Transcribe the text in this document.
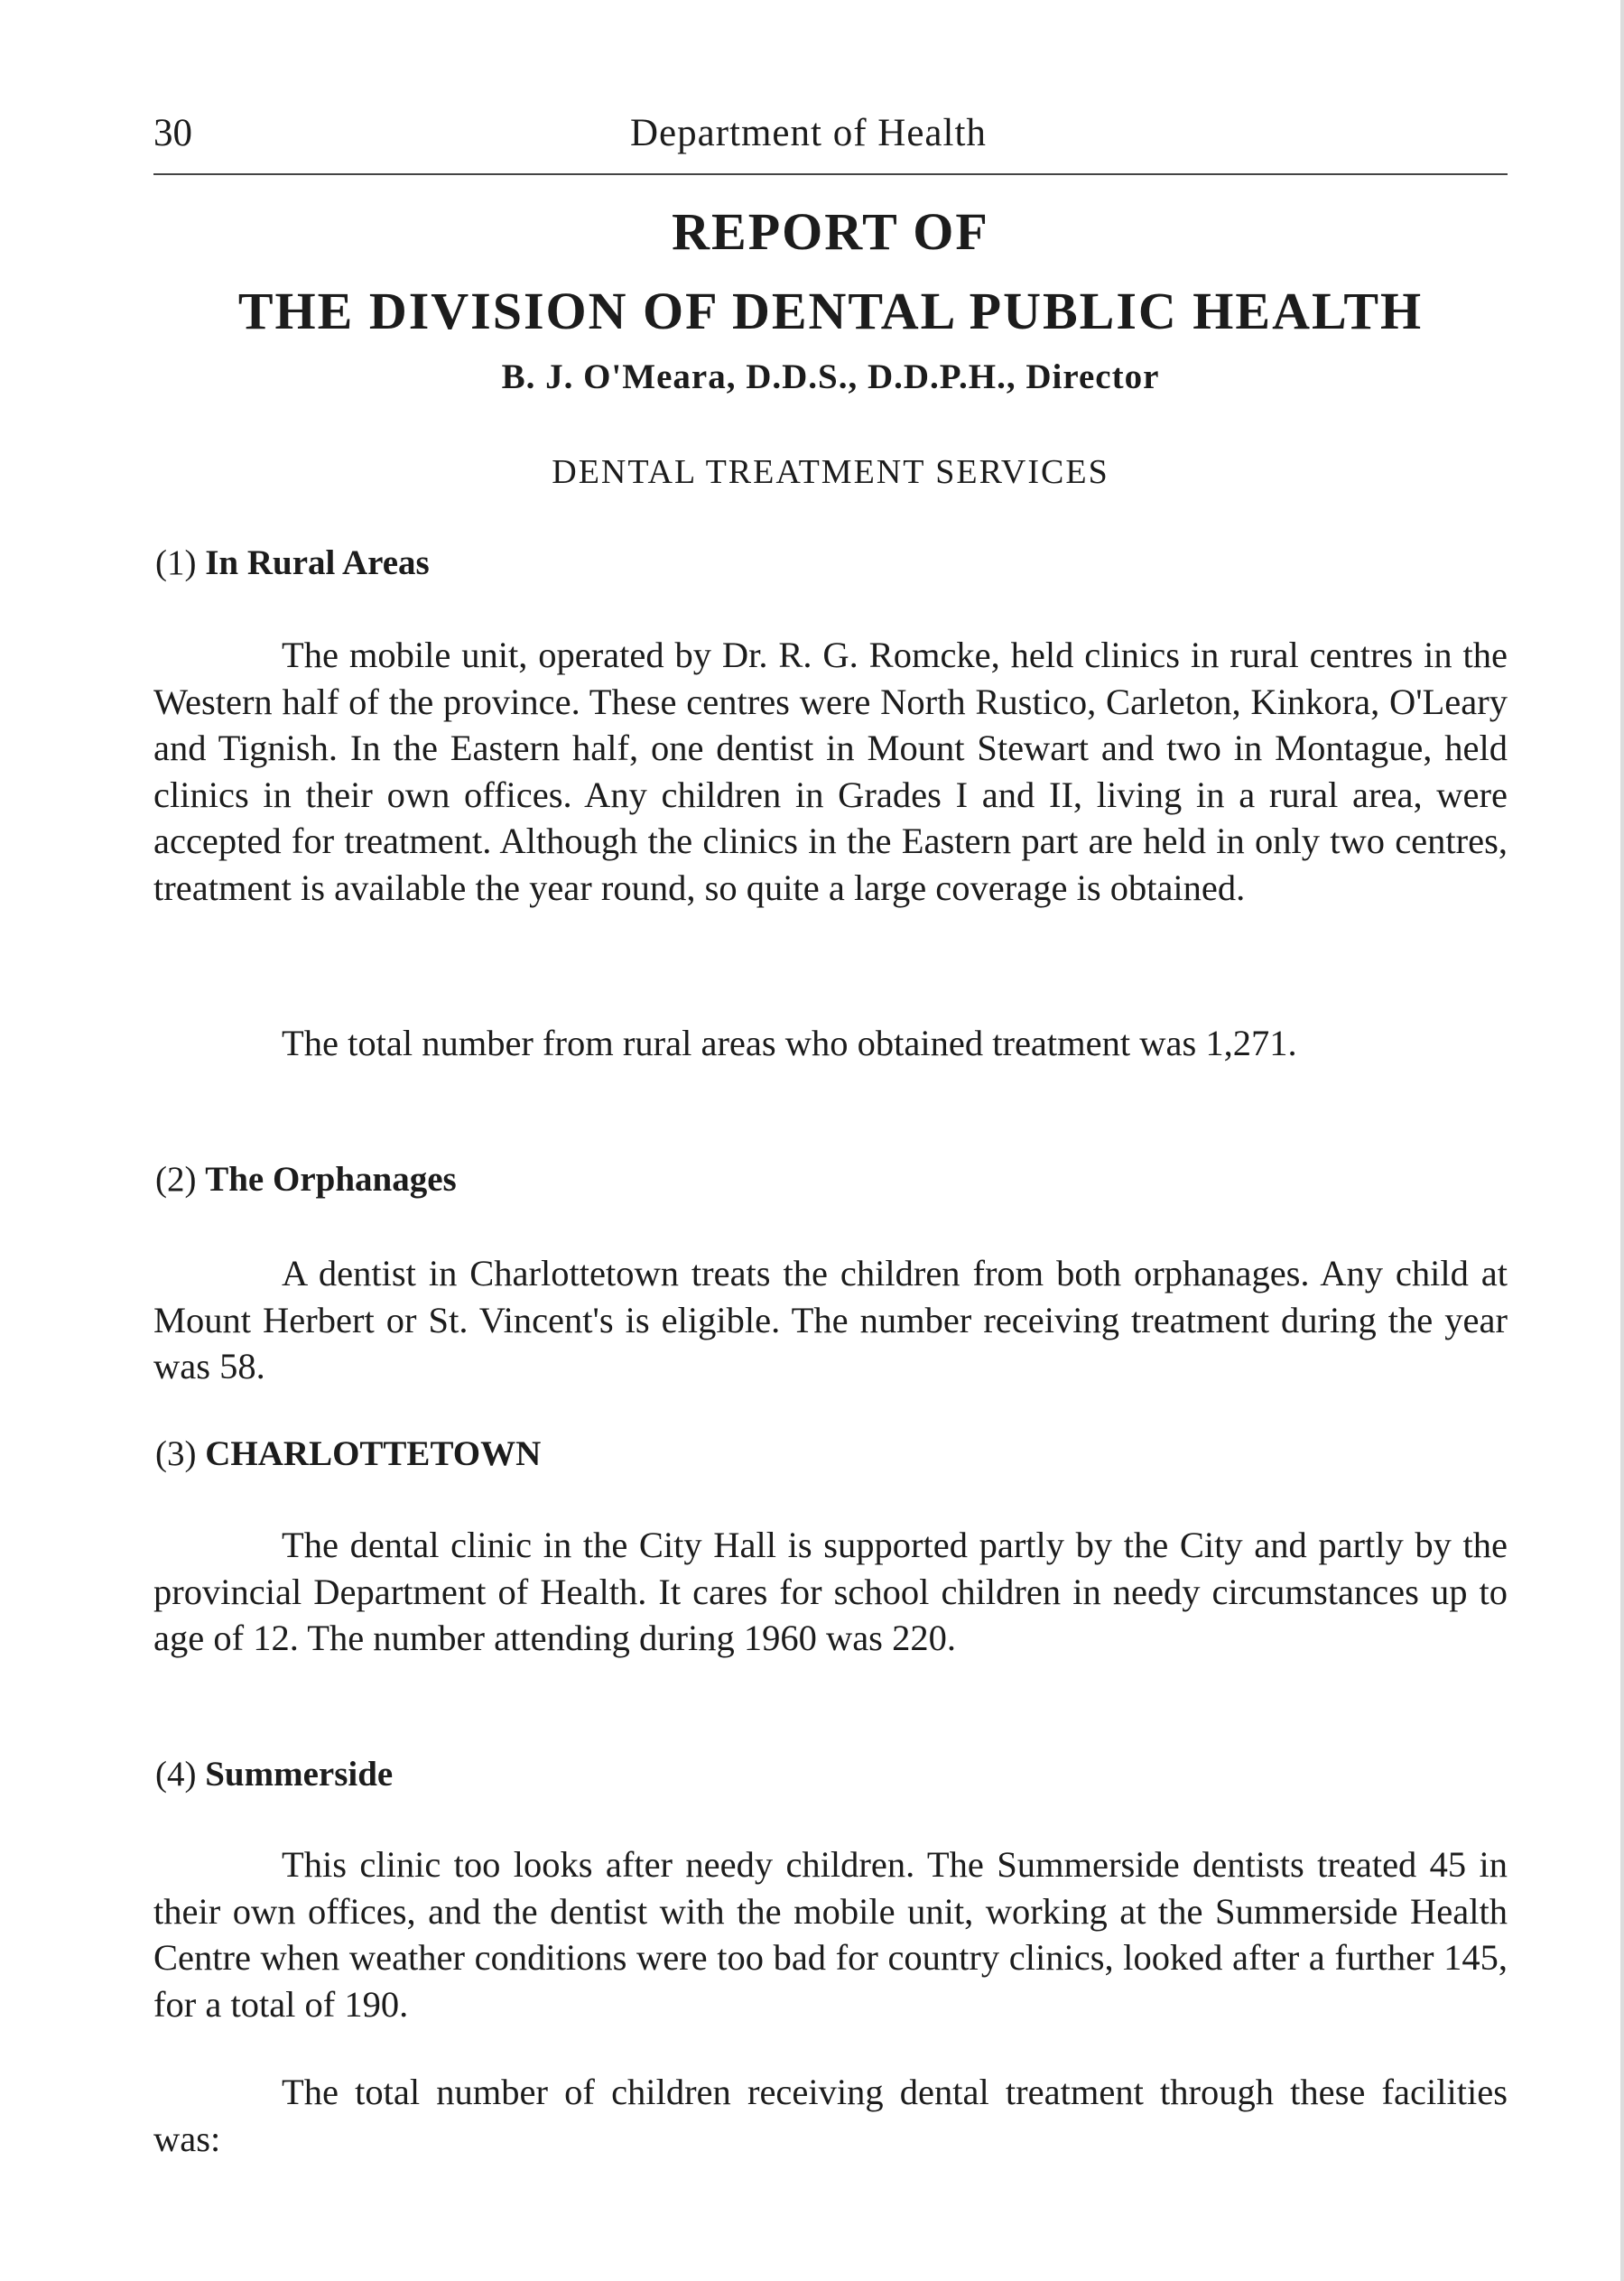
30	Department of Health
REPORT OF
THE DIVISION OF DENTAL PUBLIC HEALTH
B. J. O'Meara, D.D.S., D.D.P.H., Director
DENTAL TREATMENT SERVICES
(1) In Rural Areas

The mobile unit, operated by Dr. R. G. Romcke, held clinics in rural centres in the Western half of the province. These centres were North Rustico, Carleton, Kinkora, O'Leary and Tignish. In the Eastern half, one dentist in Mount Stewart and two in Montague, held clinics in their own offices. Any children in Grades I and II, living in a rural area, were accepted for treatment. Although the clinics in the Eastern part are held in only two centres, treatment is available the year round, so quite a large coverage is obtained.

The total number from rural areas who obtained treatment was 1,271.

(2) The Orphanages

A dentist in Charlottetown treats the children from both orphanages. Any child at Mount Herbert or St. Vincent's is eligible. The number receiving treatment during the year was 58.

(3) CHARLOTTETOWN

The dental clinic in the City Hall is supported partly by the City and partly by the provincial Department of Health. It cares for school children in needy circumstances up to age of 12. The number attending during 1960 was 220.

(4) Summerside

This clinic too looks after needy children. The Summerside dentists treated 45 in their own offices, and the dentist with the mobile unit, working at the Summerside Health Centre when weather conditions were too bad for country clinics, looked after a further 145, for a total of 190.

The total number of children receiving dental treatment through these facilities was:
